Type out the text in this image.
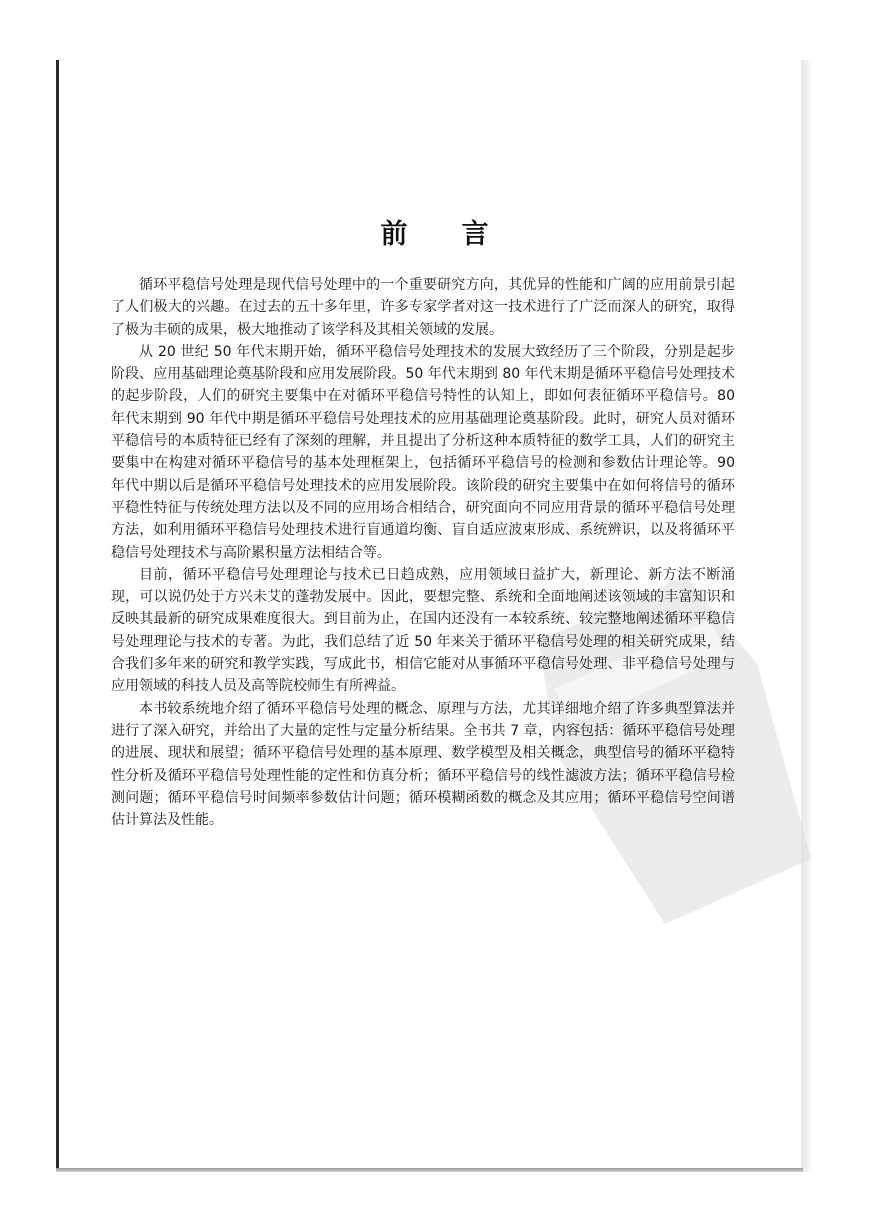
PDG
前　　言

循环平稳信号处理是现代信号处理中的一个重要研究方向，其优异的性能和广阔的应用前景引起了人们极大的兴趣。在过去的五十多年里，许多专家学者对这一技术进行了广泛而深人的研究，取得了极为丰硕的成果，极大地推动了该学科及其相关领域的发展。

从 20 世纪 50 年代末期开始，循环平稳信号处理技术的发展大致经历了三个阶段，分别是起步阶段、应用基础理论奠基阶段和应用发展阶段。50 年代末期到 80 年代末期是循环平稳信号处理技术的起步阶段，人们的研究主要集中在对循环平稳信号特性的认知上，即如何表征循环平稳信号。80 年代末期到 90 年代中期是循环平稳信号处理技术的应用基础理论奠基阶段。此时，研究人员对循环平稳信号的本质特征已经有了深刻的理解，并且提出了分析这种本质特征的数学工具，人们的研究主要集中在构建对循环平稳信号的基本处理框架上，包括循环平稳信号的检测和参数估计理论等。90 年代中期以后是循环平稳信号处理技术的应用发展阶段。该阶段的研究主要集中在如何将信号的循环平稳性特征与传统处理方法以及不同的应用场合相结合，研究面向不同应用背景的循环平稳信号处理方法，如利用循环平稳信号处理技术进行盲通道均衡、盲自适应波束形成、系统辨识，以及将循环平稳信号处理技术与高阶累积量方法相结合等。

目前，循环平稳信号处理理论与技术已日趋成熟，应用领域日益扩大，新理论、新方法不断涌现，可以说仍处于方兴未艾的蓬勃发展中。因此，要想完整、系统和全面地阐述该领域的丰富知识和反映其最新的研究成果难度很大。到目前为止，在国内还没有一本较系统、较完整地阐述循环平稳信号处理理论与技术的专著。为此，我们总结了近 50 年来关于循环平稳信号处理的相关研究成果，结合我们多年来的研究和教学实践，写成此书，相信它能对从事循环平稳信号处理、非平稳信号处理与应用领域的科技人员及高等院校师生有所裨益。

本书较系统地介绍了循环平稳信号处理的概念、原理与方法，尤其详细地介绍了许多典型算法并进行了深入研究，并给出了大量的定性与定量分析结果。全书共 7 章，内容包括：循环平稳信号处理的进展、现状和展望；循环平稳信号处理的基本原理、数学模型及相关概念，典型信号的循环平稳特性分析及循环平稳信号处理性能的定性和仿真分析；循环平稳信号的线性滤波方法；循环平稳信号检测问题；循环平稳信号时间频率参数估计问题；循环模糊函数的概念及其应用；循环平稳信号空间谱估计算法及性能。
